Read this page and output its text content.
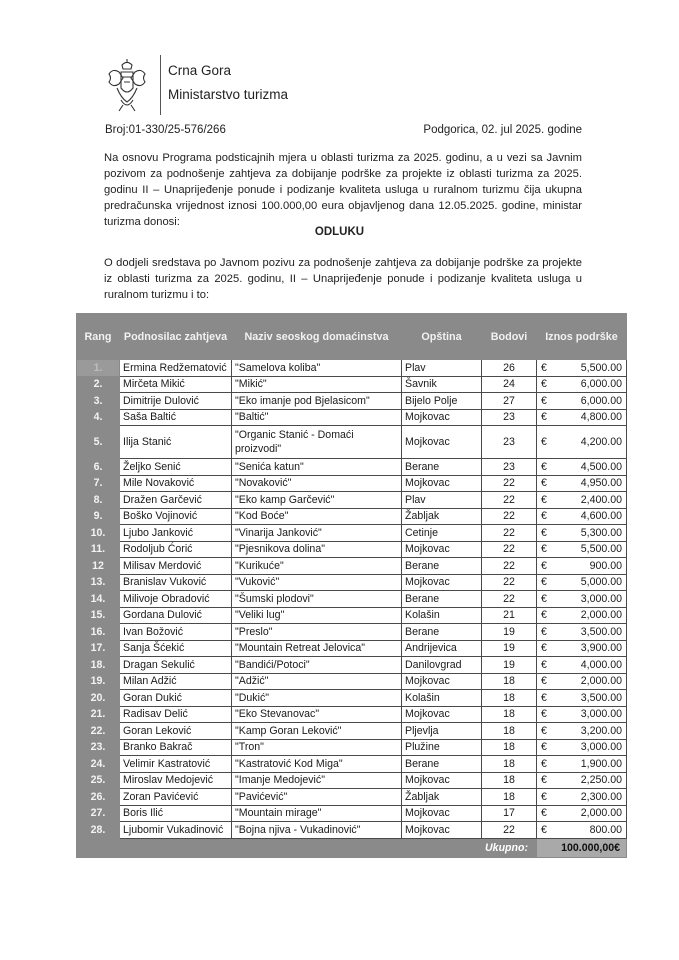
Crna Gora
Ministarstvo turizma
Broj:01-330/25-576/266	Podgorica, 02. jul 2025. godine
Na osnovu Programa podsticajnih mjera u oblasti turizma za 2025. godinu, a u vezi sa Javnim pozivom za podnošenje zahtjeva za dobijanje podrške za projekte iz oblasti turizma za 2025. godinu II – Unaprijeđenje ponude i podizanje kvaliteta usluga u ruralnom turizmu čija ukupna predračunska vrijednost iznosi 100.000,00 eura objavljenog dana 12.05.2025. godine, ministar turizma donosi:
ODLUKU
O dodjeli sredstava po Javnom pozivu za podnošenje zahtjeva za dobijanje podrške za projekte iz oblasti turizma za 2025. godinu, II – Unaprijeđenje ponude i podizanje kvaliteta usluga u ruralnom turizmu i to:
Rang	Podnosilac zahtjeva	Naziv seoskog domaćinstva	Opština	Bodovi	Iznos podrške
1.	Ermina Redžematović	"Samelova koliba"	Plav	26	€ 5,500.00

2.	Mirčeta Mikić	"Mikić"	Šavnik	24	€ 6,000.00

3.	Dimitrije Dulović	"Eko imanje pod Bjelasicom"	Bijelo Polje	27	€ 6,000.00

4.	Saša Baltić	"Baltić"	Mojkovac	23	€ 4,800.00

5.	Ilija Stanić	"Organic Stanić - Domaći proizvodi"	Mojkovac	23	€ 4,200.00

6.	Željko Senić	"Senića katun"	Berane	23	€ 4,500.00

7.	Mile Novaković	"Novaković"	Mojkovac	22	€ 4,950.00

8.	Dražen Garčević	"Eko kamp Garčević"	Plav	22	€ 2,400.00

9.	Boško Vojinović	"Kod Boće"	Žabljak	22	€ 4,600.00

10.	Ljubo Janković	"Vinarija Janković"	Cetinje	22	€ 5,300.00

11.	Rodoljub Ćorić	"Pjesnikova dolina"	Mojkovac	22	€ 5,500.00

12	Milisav Merdović	"Kurikuće"	Berane	22	€ 900.00

13.	Branislav Vuković	"Vuković"	Mojkovac	22	€ 5,000.00

14.	Milivoje Obradović	"Šumski plodovi"	Berane	22	€ 3,000.00

15.	Gordana Dulović	"Veliki lug"	Kolašin	21	€ 2,000.00

16.	Ivan Božović	"Preslo"	Berane	19	€ 3,500.00

17.	Sanja Šćekić	"Mountain Retreat Jelovica"	Andrijevica	19	€ 3,900.00

18.	Dragan Sekulić	"Bandići/Potoci"	Danilovgrad	19	€ 4,000.00

19.	Milan Adžić	"Adžić"	Mojkovac	18	€ 2,000.00

20.	Goran Dukić	"Dukić"	Kolašin	18	€ 3,500.00

21.	Radisav Delić	"Eko Stevanovac"	Mojkovac	18	€ 3,000.00

22.	Goran Leković	"Kamp Goran Leković"	Pljevlja	18	€ 3,200.00

23.	Branko Bakrač	"Tron"	Plužine	18	€ 3,000.00

24.	Velimir Kastratović	"Kastratović Kod Miga"	Berane	18	€ 1,900.00

25.	Miroslav Medojević	"Imanje Medojević"	Mojkovac	18	€ 2,250.00

26.	Zoran Pavićević	"Pavićević"	Žabljak	18	€ 2,300.00

27.	Boris Ilić	"Mountain mirage"	Mojkovac	17	€ 2,000.00

28.	Ljubomir Vukadinović	"Bojna njiva - Vukadinović"	Mojkovac	22	€ 800.00

Ukupno:					100.000,00€
